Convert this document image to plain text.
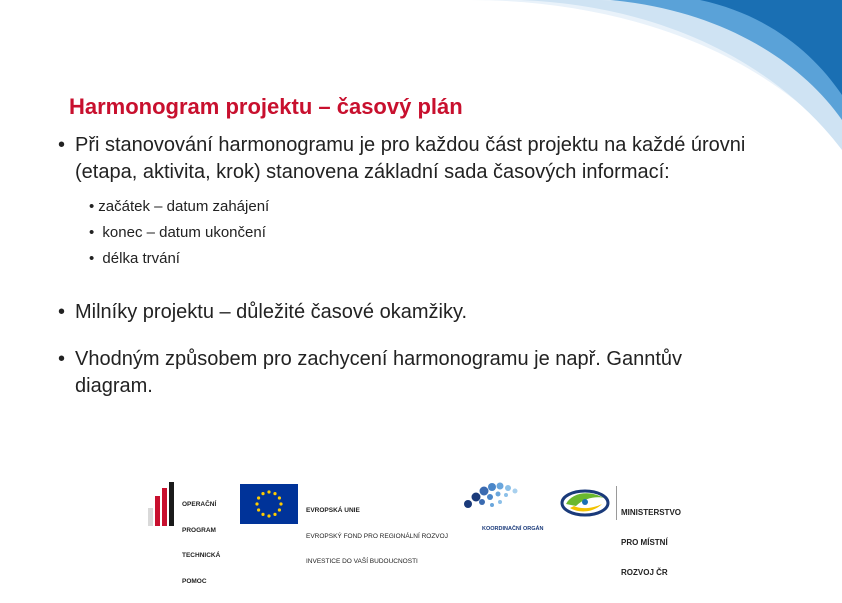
Harmonogram projektu – časový plán
• Při stanovování harmonogramu je pro každou část projektu na každé úrovni (etapa, aktivita, krok) stanovena základní sada časových informací:
• začátek – datum zahájení
• konec – datum ukončení
• délka trvání
• Milníky projektu – důležité časové okamžiky.
• Vhodným způsobem pro zachycení harmonogramu je např. Ganntův diagram.

OPERAČNÍ

PROGRAM

TECHNICKÁ

POMOC

EVROPSKÁ UNIE

EVROPSKÝ FOND PRO REGIONÁLNÍ ROZVOJ

INVESTICE DO VAŠÍ BUDOUCNOSTI

KOORDINAČNÍ ORGÁN

MINISTERSTVO

PRO MÍSTNÍ

ROZVOJ ČR
